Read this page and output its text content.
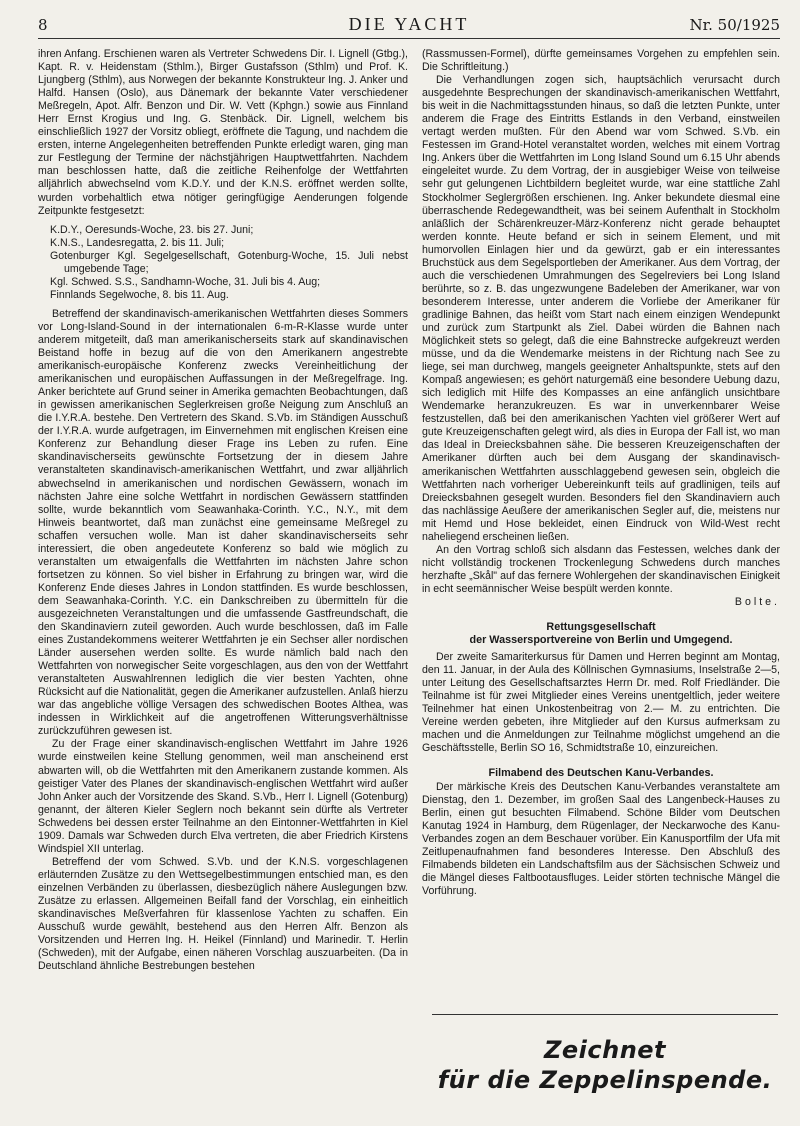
8	DIE YACHT	Nr. 50/1925

ihren Anfang. Erschienen waren als Vertreter Schwedens Dir. I. Lignell (Gtbg.), Kapt. R. v. Heidenstam (Sthlm.), Birger Gustafsson (Sthlm) und Prof. K. Ljungberg (Sthlm), aus Norwegen der bekannte Konstrukteur Ing. J. Anker und Halfd. Hansen (Oslo), aus Dänemark der bekannte Vater verschiedener Meßregeln, Apot. Alfr. Benzon und Dir. W. Vett (Kphgn.) sowie aus Finnland Herr Ernst Krogius und Ing. G. Stenbäck. Dir. Lignell, welchem bis einschließlich 1927 der Vorsitz obliegt, eröffnete die Tagung, und nachdem die ersten, interne Angelegenheiten betreffenden Punkte erledigt waren, ging man zur Festlegung der Termine der nächstjährigen Hauptwettfahrten. Nachdem man beschlossen hatte, daß die zeitliche Reihenfolge der Wettfahrten alljährlich abwechselnd vom K.D.Y. und der K.N.S. eröffnet werden sollte, wurden vorbehaltlich etwa nötiger geringfügige Aenderungen folgende Zeitpunkte festgesetzt:

K.D.Y., Oeresunds-Woche, 23. bis 27. Juni;
K.N.S., Landesregatta, 2. bis 11. Juli;
Gotenburger Kgl. Segelgesellschaft, Gotenburg-Woche, 15. Juli nebst umgebende Tage;
Kgl. Schwed. S.S., Sandhamn-Woche, 31. Juli bis 4. Aug;
Finnlands Segelwoche, 8. bis 11. Aug.

Betreffend der skandinavisch-amerikanischen Wettfahrten dieses Sommers vor Long-Island-Sound in der internationalen 6-m-R-Klasse wurde unter anderem mitgeteilt, daß man amerikanischerseits stark auf skandinavischen Beistand hoffe in bezug auf die von den Amerikanern angestrebte amerikanisch-europäische Konferenz zwecks Vereinheitlichung der amerikanischen und europäischen Auffassungen in der Meßregelfrage. Ing. Anker berichtete auf Grund seiner in Amerika gemachten Beobachtungen, daß in gewissen amerikanischen Seglerkreisen große Neigung zum Anschluß an die I.Y.R.A. bestehe. Den Vertretern des Skand. S.Vb. im Ständigen Ausschuß der I.Y.R.A. wurde aufgetragen, im Einvernehmen mit englischen Kreisen eine Konferenz zur Behandlung dieser Frage ins Leben zu rufen. Eine skandinavischerseits gewünschte Fortsetzung der in diesem Jahre veranstalteten skandinavisch-amerikanischen Wettfahrt, und zwar alljährlich abwechselnd in amerikanischen und nordischen Gewässern, wonach im nächsten Jahre eine solche Wettfahrt in nordischen Gewässern stattfinden sollte, wurde bekanntlich vom Seawanhaka-Corinth. Y.C., N.Y., mit dem Hinweis beantwortet, daß man zunächst eine gemeinsame Meßregel zu schaffen versuchen wolle. Man ist daher skandinavischerseits sehr interessiert, die oben angedeutete Konferenz so bald wie möglich zu veranstalten um etwaigenfalls die Wettfahrten im nächsten Jahre schon fortsetzen zu können. So viel bisher in Erfahrung zu bringen war, wird die Konferenz Ende dieses Jahres in London stattfinden. Es wurde beschlossen, dem Seawanhaka-Corinth. Y.C. ein Dankschreiben zu übermitteln für die ausgezeichneten Veranstaltungen und die umfassende Gastfreundschaft, die den Skandinaviern zuteil geworden. Auch wurde beschlossen, daß im Falle eines Zustandekommens weiterer Wettfahrten je ein Sechser aller nordischen Länder ausersehen werden sollte. Es wurde nämlich bald nach den Wettfahrten von norwegischer Seite vorgeschlagen, aus den von der Wettfahrt veranstalteten Auswahlrennen lediglich die vier besten Yachten, ohne Rücksicht auf die Nationalität, gegen die Amerikaner aufzustellen. Anlaß hierzu war das angebliche völlige Versagen des schwedischen Bootes Althea, was indessen in Wirklichkeit auf die angetroffenen Witterungsverhältnisse zurückzuführen gewesen ist.

Zu der Frage einer skandinavisch-englischen Wettfahrt im Jahre 1926 wurde einstweilen keine Stellung genommen, weil man anscheinend erst abwarten will, ob die Wettfahrten mit den Amerikanern zustande kommen. Als geistiger Vater des Planes der skandinavisch-englischen Wettfahrt wird außer John Anker auch der Vorsitzende des Skand. S.Vb., Herr I. Lignell (Gotenburg) genannt, der älteren Kieler Seglern noch bekannt sein dürfte als Vertreter Schwedens bei dessen erster Teilnahme an den Eintonner-Wettfahrten in Kiel 1909. Damals war Schweden durch Elva vertreten, die aber Friedrich Kirstens Windspiel XII unterlag.

Betreffend der vom Schwed. S.Vb. und der K.N.S. vorgeschlagenen erläuternden Zusätze zu den Wettsegelbestimmungen entschied man, es den einzelnen Verbänden zu überlassen, diesbezüglich nähere Auslegungen bzw. Zusätze zu erlassen. Allgemeinen Beifall fand der Vorschlag, ein einheitlich skandinavisches Meßverfahren für klassenlose Yachten zu schaffen. Ein Ausschuß wurde gewählt, bestehend aus den Herren Alfr. Benzon als Vorsitzenden und Herren Ing. H. Heikel (Finnland) und Marinedir. T. Herlin (Schweden), mit der Aufgabe, einen näheren Vorschlag auszuarbeiten. (Da in Deutschland ähnliche Bestrebungen bestehen

(Rassmussen-Formel), dürfte gemeinsames Vorgehen zu empfehlen sein. Die Schriftleitung.)

Die Verhandlungen zogen sich, hauptsächlich verursacht durch ausgedehnte Besprechungen der skandinavisch-amerikanischen Wettfahrt, bis weit in die Nachmittagsstunden hinaus, so daß die letzten Punkte, unter anderem die Frage des Eintritts Estlands in den Verband, einstweilen vertagt werden mußten. Für den Abend war vom Schwed. S.Vb. ein Festessen im Grand-Hotel veranstaltet worden, welches mit einem Vortrag Ing. Ankers über die Wettfahrten im Long Island Sound um 6.15 Uhr abends eingeleitet wurde. Zu dem Vortrag, der in ausgiebiger Weise von teilweise sehr gut gelungenen Lichtbildern begleitet wurde, war eine stattliche Zahl Stockholmer Seglergrößen erschienen. Ing. Anker bekundete diesmal eine überraschende Redegewandtheit, was bei seinem Aufenthalt in Stockholm anläßlich der Schärenkreuzer-März-Konferenz nicht gerade behauptet werden konnte. Heute befand er sich in seinem Element, und mit humorvollen Einlagen hier und da gewürzt, gab er ein interessantes Bruchstück aus dem Segelsportleben der Amerikaner. Aus dem Vortrag, der auch die verschiedenen Umrahmungen des Segelreviers bei Long Island berührte, so z. B. das ungezwungene Badeleben der Amerikaner, war von besonderem Interesse, unter anderem die Vorliebe der Amerikaner für gradlinige Bahnen, das heißt vom Start nach einem einzigen Wendepunkt und zurück zum Startpunkt als Ziel. Dabei würden die Bahnen nach Möglichkeit stets so gelegt, daß die eine Bahnstrecke aufgekreuzt werden müsse, und da die Wendemarke meistens in der Richtung nach See zu liege, sei man durchweg, mangels geeigneter Anhaltspunkte, stets auf den Kompaß angewiesen; es gehört naturgemäß eine besondere Uebung dazu, sich lediglich mit Hilfe des Kompasses an eine anfänglich unsichtbare Wendemarke heranzukreuzen. Es war in unverkennbarer Weise festzustellen, daß bei den amerikanischen Yachten viel größerer Wert auf gute Kreuzeigenschaften gelegt wird, als dies in Europa der Fall ist, wo man das Ideal in Dreiecksbahnen sähe. Die besseren Kreuzeigenschaften der Amerikaner dürften auch bei dem Ausgang der skandinavisch-amerikanischen Wettfahrten ausschlaggebend gewesen sein, obgleich die Wettfahrten nach vorheriger Uebereinkunft teils auf gradlinigen, teils auf Dreiecksbahnen gesegelt wurden. Besonders fiel den Skandinaviern auch das nachlässige Aeußere der amerikanischen Segler auf, die, meistens nur mit Hemd und Hose bekleidet, einen Eindruck von Wild-West recht naheliegend erscheinen ließen.

An den Vortrag schloß sich alsdann das Festessen, welches dank der nicht vollständig trockenen Trockenlegung Schwedens durch manches herzhafte „Skål" auf das fernere Wohlergehen der skandinavischen Einigkeit in echt seemännischer Weise bespült werden konnte.

Bolte.
Rettungsgesellschaft
der Wassersportvereine von Berlin und Umgegend.

Der zweite Samariterkursus für Damen und Herren beginnt am Montag, den 11. Januar, in der Aula des Köllnischen Gymnasiums, Inselstraße 2—5, unter Leitung des Gesellschaftsarztes Herrn Dr. med. Rolf Friedländer. Die Teilnahme ist für zwei Mitglieder eines Vereins unentgeltlich, jeder weitere Teilnehmer hat einen Unkostenbeitrag von 2.— M. zu entrichten. Die Vereine werden gebeten, ihre Mitglieder auf den Kursus aufmerksam zu machen und die Anmeldungen zur Teilnahme möglichst umgehend an die Geschäftsstelle, Berlin SO 16, Schmidtstraße 10, einzureichen.

Filmabend des Deutschen Kanu-Verbandes.

Der märkische Kreis des Deutschen Kanu-Verbandes veranstaltete am Dienstag, den 1. Dezember, im großen Saal des Langenbeck-Hauses zu Berlin, einen gut besuchten Filmabend. Schöne Bilder vom Deutschen Kanutag 1924 in Hamburg, dem Rügenlager, der Neckarwoche des Kanu-Verbandes zogen an dem Beschauer vorüber. Ein Kanusportfilm der Ufa mit Zeitlupenaufnahmen fand besonderes Interesse. Den Abschluß des Filmabends bildeten ein Landschaftsfilm aus der Sächsischen Schweiz und die Mängel dieses Faltbootausfluges. Leider störten technische Mängel die Vorführung.

Zeichnet
für die Zeppelinspende.
